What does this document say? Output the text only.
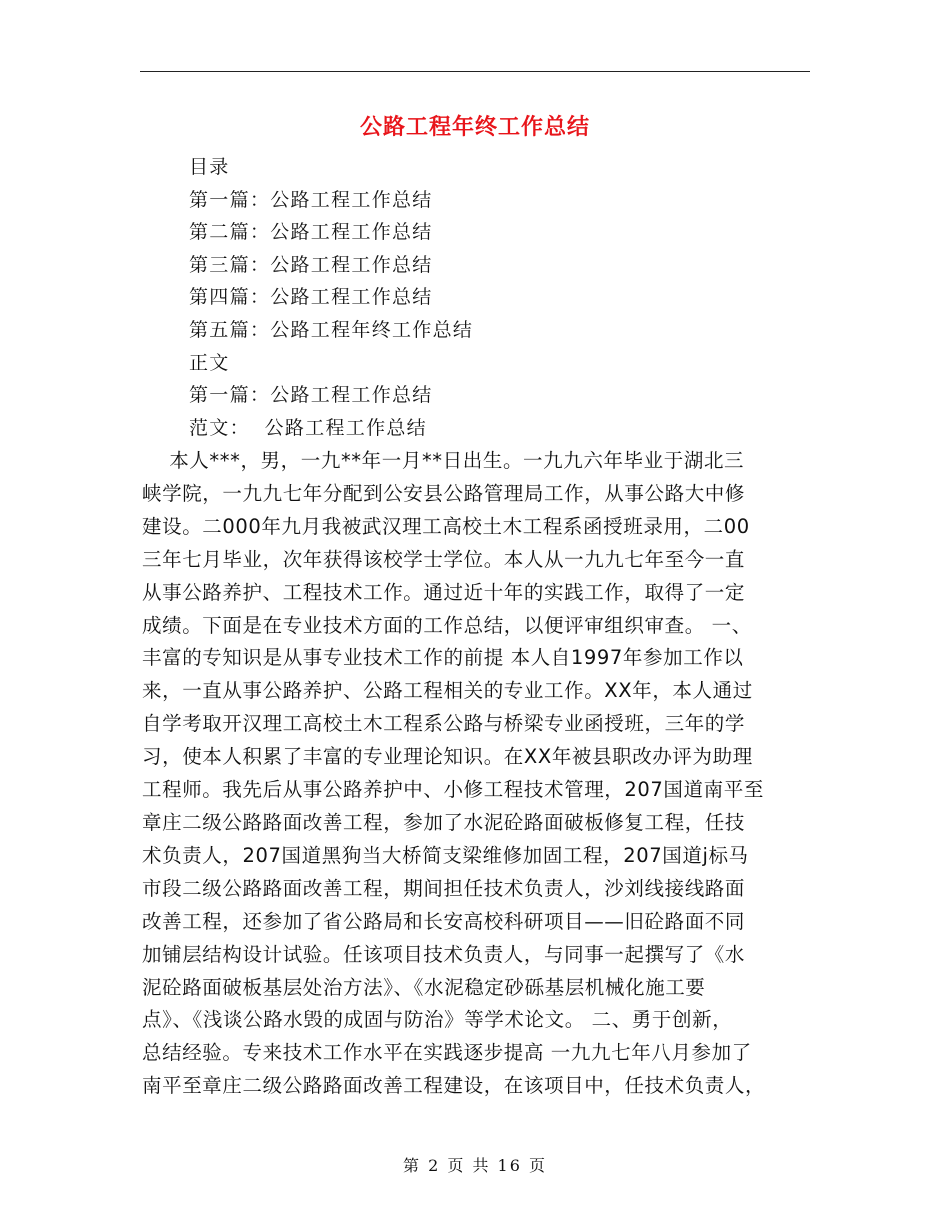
公路工程年终工作总结
目录
第一篇：公路工程工作总结
第二篇：公路工程工作总结
第三篇：公路工程工作总结
第四篇：公路工程工作总结
第五篇：公路工程年终工作总结
正文
第一篇：公路工程工作总结
范文：  公路工程工作总结
本人***，男，一九**年一月**日出生。一九九六年毕业于湖北三
峡学院，一九九七年分配到公安县公路管理局工作，从事公路大中修
建设。二000年九月我被武汉理工高校土木工程系函授班录用，二00
三年七月毕业，次年获得该校学士学位。本人从一九九七年至今一直
从事公路养护、工程技术工作。通过近十年的实践工作，取得了一定
成绩。下面是在专业技术方面的工作总结，以便评审组织审查。 一、
丰富的专知识是从事专业技术工作的前提 本人自1997年参加工作以
来，一直从事公路养护、公路工程相关的专业工作。XX年，本人通过
自学考取开汉理工高校土木工程系公路与桥梁专业函授班，三年的学
习，使本人积累了丰富的专业理论知识。在XX年被县职改办评为助理
工程师。我先后从事公路养护中、小修工程技术管理，207国道南平至
章庄二级公路路面改善工程，参加了水泥砼路面破板修复工程，任技
术负责人，207国道黑狗当大桥简支梁维修加固工程，207国道j标马
市段二级公路路面改善工程，期间担任技术负责人，沙刘线接线路面
改善工程，还参加了省公路局和长安高校科研项目——旧砼路面不同
加铺层结构设计试验。任该项目技术负责人，与同事一起撰写了《水
泥砼路面破板基层处治方法》、《水泥稳定砂砾基层机械化施工要
点》、《浅谈公路水毁的成固与防治》等学术论文。 二、勇于创新，
总结经验。专来技术工作水平在实践逐步提高 一九九七年八月参加了
南平至章庄二级公路路面改善工程建设，在该项目中，任技术负责人，
第 2 页 共 16 页
